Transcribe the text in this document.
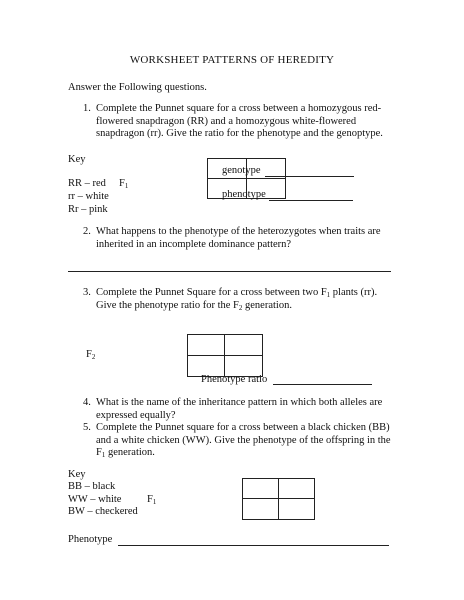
WORKSHEET PATTERNS OF HEREDITY
Answer the Following questions.
1. Complete the Punnet square for a cross between a homozygous red-flowered snapdragon (RR) and a homozygous white-flowered snapdragon (rr). Give the ratio for the phenotype and the genoptype.
Key
RR – red $F_1$
rr – white
Rr – pink
genotype
phenotype
2. What happens to the phenotype of the heterozygotes when traits are inherited in an incomplete dominance pattern?
3. Complete the Punnet Square for a cross between two $F_1$ plants (rr). Give the phenotype ratio for the $F_2$ generation.
$F_2$
Phenotype ratio
4. What is the name of the inheritance pattern in which both alleles are expressed equally?
5. Complete the Punnet square for a cross between a black chicken (BB) and a white chicken (WW). Give the phenotype of the offspring in the $F_1$ generation.
Key
BB – black
WW – white $F_1$
BW – checkered
Phenotype
